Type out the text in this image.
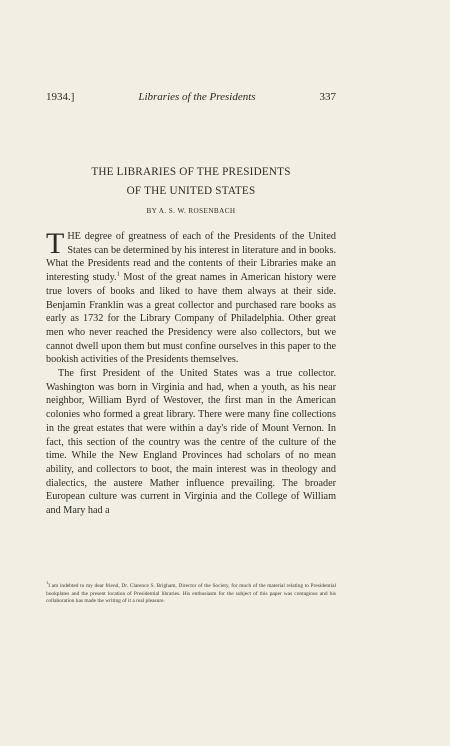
1934.]	Libraries of the Presidents	337
THE LIBRARIES OF THE PRESIDENTS
OF THE UNITED STATES
BY A. S. W. ROSENBACH

THE degree of greatness of each of the Presidents of the United States can be determined by his interest in literature and in books. What the Presidents read and the contents of their Libraries make an interesting study.$^1$ Most of the great names in American history were true lovers of books and liked to have them always at their side. Benjamin Franklin was a great collector and purchased rare books as early as 1732 for the Library Company of Philadelphia. Other great men who never reached the Presidency were also collectors, but we cannot dwell upon them but must confine ourselves in this paper to the bookish activities of the Presidents themselves.

The first President of the United States was a true collector. Washington was born in Virginia and had, when a youth, as his near neighbor, William Byrd of Westover, the first man in the American colonies who formed a great library. There were many fine collections in the great estates that were within a day's ride of Mount Vernon. In fact, this section of the country was the centre of the culture of the time. While the New England Provinces had scholars of no mean ability, and collectors to boot, the main interest was in theology and dialectics, the austere Mather influence prevailing. The broader European culture was current in Virginia and the College of William and Mary had a

$^1$I am indebted to my dear friend, Dr. Clarence S. Brigham, Director of the Society, for much of the material relating to Presidential bookplates and the present location of Presidential libraries. His enthusiasm for the subject of this paper was contagious and his collaboration has made the writing of it a real pleasure.
